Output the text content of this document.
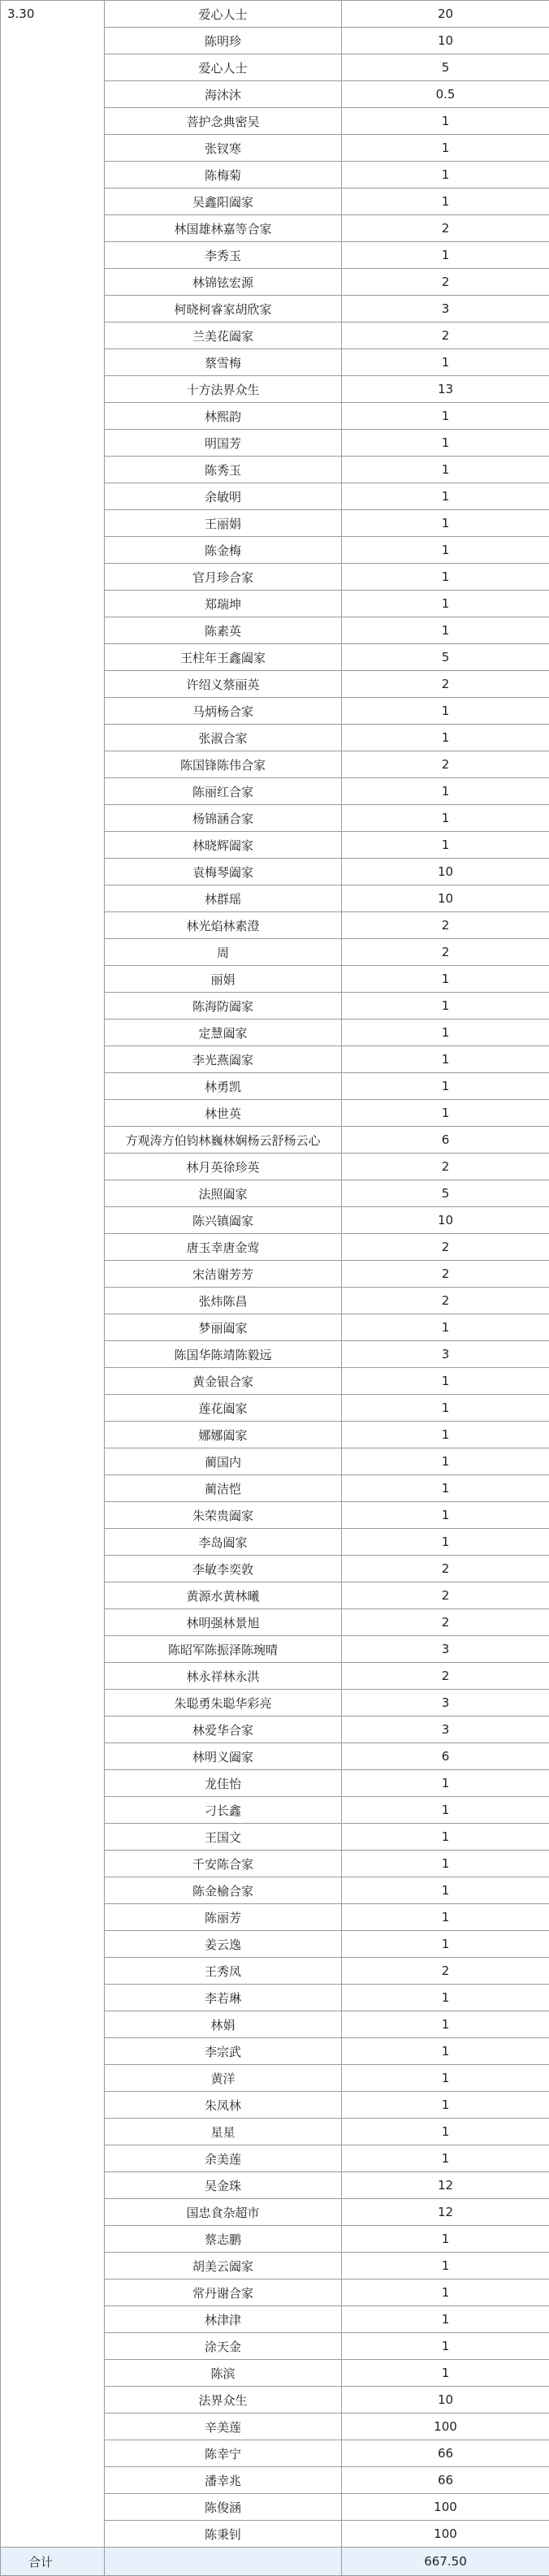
3.30	爱心人士	20
	陈明珍	10
	爱心人士	5
	海沐沐	0.5
	菩护念典密吴	1
	张钗寒	1
	陈梅菊	1
	吴鑫阳阖家	1
	林国雄林嘉等合家	2
	李秀玉	1
	林锦铉宏源	2
	柯晓柯睿家胡欣家	3
	兰美花阖家	2
	蔡雪梅	1
	十方法界众生	13
	林熙韵	1
	明国芳	1
	陈秀玉	1
	余敏明	1
	王丽娟	1
	陈金梅	1
	官月珍合家	1
	郑瑞坤	1
	陈素英	1
	王柱年王鑫阖家	5
	许绍义蔡丽英	2
	马炳杨合家	1
	张淑合家	1
	陈国锋陈伟合家	2
	陈丽红合家	1
	杨锦涵合家	1
	林晓辉阖家	1
	袁梅琴阖家	10
	林群瑶	10
	林光焰林素澄	2
	周	2
	丽娟	1
	陈海防阖家	1
	定慧阖家	1
	李光燕阖家	1
	林勇凯	1
	林世英	1
	方观涛方伯钧林巍林娴杨云舒杨云心	6
	林月英徐珍英	2
	法照阖家	5
	陈兴镇阖家	10
	唐玉幸唐金莺	2
	宋洁谢芳芳	2
	张炜陈昌	2
	梦丽阖家	1
	陈国华陈靖陈毅远	3
	黄金银合家	1
	莲花阖家	1
	娜娜阖家	1
	蔺国内	1
	蔺洁恺	1
	朱荣贵阖家	1
	李岛阖家	1
	李敏李奕敦	2
	黄源水黄林曦	2
	林明强林景旭	2
	陈昭军陈振泽陈琬晴	3
	林永祥林永洪	2
	朱聪勇朱聪华彩亮	3
	林爱华合家	3
	林明义阖家	6
	龙佳怡	1
	刁长鑫	1
	王国文	1
	千安陈合家	1
	陈金榆合家	1
	陈丽芳	1
	姜云逸	1
	王秀凤	2
	李若琳	1
	林娟	1
	李宗武	1
	黄洋	1
	朱凤林	1
	星星	1
	余美莲	1
	吴金珠	12
	国忠食杂超市	12
	蔡志鹏	1
	胡美云阖家	1
	常丹谢合家	1
	林津津	1
	涂天金	1
	陈滨	1
	法界众生	10
	辛美莲	100
	陈幸宁	66
	潘幸兆	66
	陈俊涵	100
	陈秉钊	100
合计		667.50
